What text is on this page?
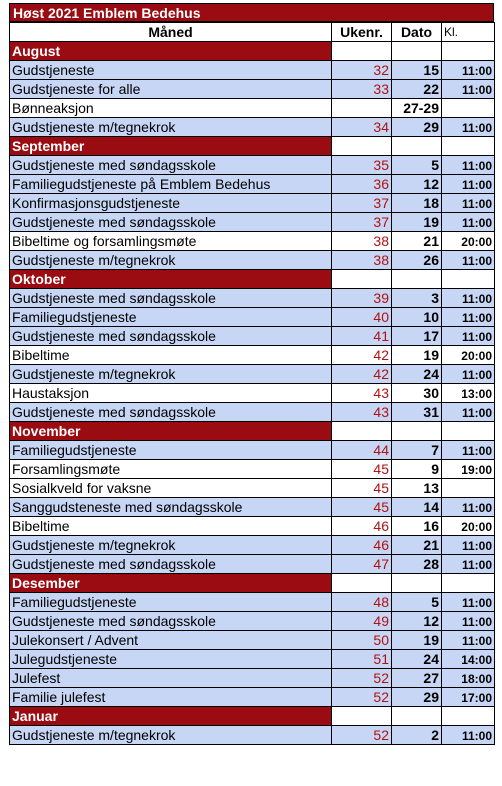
Høst 2021 Emblem Bedehus
Måned	Ukenr.	Dato	Kl.
August			
Gudstjeneste	32	15	11:00
Gudstjeneste for alle	33	22	11:00
Bønneaksjon		27-29	
Gudstjeneste m/tegnekrok	34	29	11:00
September			
Gudstjeneste med søndagsskole	35	5	11:00
Familiegudstjeneste på Emblem Bedehus	36	12	11:00
Konfirmasjonsgudstjeneste	37	18	11:00
Gudstjeneste med søndagsskole	37	19	11:00
Bibeltime og forsamlingsmøte	38	21	20:00
Gudstjeneste m/tegnekrok	38	26	11:00
Oktober			
Gudstjeneste med søndagsskole	39	3	11:00
Familiegudstjeneste	40	10	11:00
Gudstjeneste med søndagsskole	41	17	11:00
Bibeltime	42	19	20:00
Gudstjeneste m/tegnekrok	42	24	11:00
Haustaksjon	43	30	13:00
Gudstjeneste med søndagsskole	43	31	11:00
November			
Familiegudstjeneste	44	7	11:00
Forsamlingsmøte	45	9	19:00
Sosialkveld for vaksne	45	13	
Sanggudsteneste med søndagsskole	45	14	11:00
Bibeltime	46	16	20:00
Gudstjeneste m/tegnekrok	46	21	11:00
Gudstjeneste med søndagsskole	47	28	11:00
Desember			
Familiegudstjeneste	48	5	11:00
Gudstjeneste med søndagsskole	49	12	11:00
Julekonsert / Advent	50	19	11:00
Julegudstjeneste	51	24	14:00
Julefest	52	27	18:00
Familie julefest	52	29	17:00
Januar			
Gudstjeneste m/tegnekrok	52	2	11:00
